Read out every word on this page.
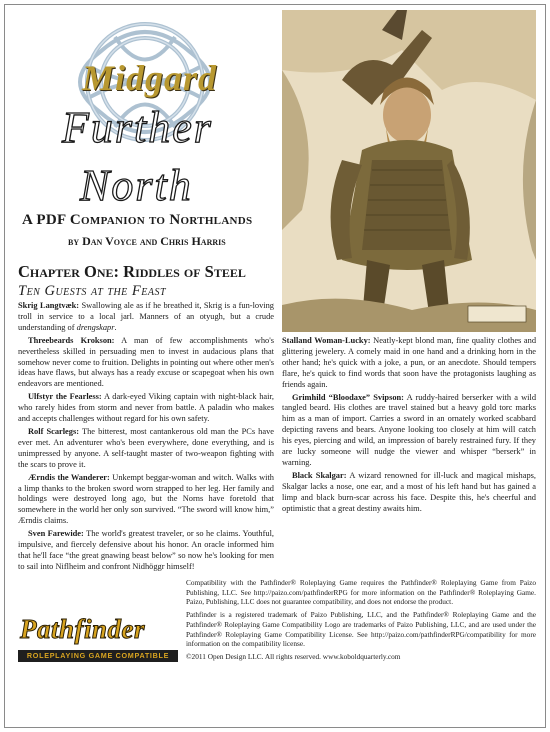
Midgard
Further
North
A PDF Companion to Northlands
by Dan Voyce and Chris Harris
Chapter One: Riddles of Steel
Ten Guests at the Feast

Skrig Langtvæk: Swallowing ale as if he breathed it, Skrig is a fun-loving troll in service to a local jarl. Manners of an otyugh, but a crude understanding of drengskapr.

Threebeards Krokson: A man of few accomplishments who's nevertheless skilled in persuading men to invest in audacious plans that somehow never come to fruition. Delights in pointing out where other men's ideas have flaws, but always has a ready excuse or scapegoat when his own endeavors are mentioned.

Ulfstyr the Fearless: A dark-eyed Viking captain with night-black hair, who rarely hides from storm and never from battle. A paladin who makes and accepts challenges without regard for his own safety.

Rolf Scarlegs: The bitterest, most cantankerous old man the PCs have ever met. An adventurer who's been everywhere, done everything, and is unimpressed by anyone. A self-taught master of two-weapon fighting with the scars to prove it.

Ærndis the Wanderer: Unkempt beggar-woman and witch. Walks with a limp thanks to the broken sword worn strapped to her leg. Her family and holdings were destroyed long ago, but the Norns have foretold that somewhere in the world her only son survived. “The sword will know him,” Ærndis claims.

Sven Farewide: The world's greatest traveler, or so he claims. Youthful, impulsive, and fiercely defensive about his honor. An oracle informed him that he'll face “the great gnawing beast below” so now he's looking for men to sail into Niflheim and confront Nidhöggr himself!

Stalland Woman-Lucky: Neatly-kept blond man, fine quality clothes and glittering jewelery. A comely maid in one hand and a drinking horn in the other hand; he's quick with a joke, a pun, or an anecdote. Should tempers flare, he's quick to find words that soon have the protagonists laughing as friends again.

Grimhild “Bloodaxe” Svipson: A ruddy-haired berserker with a wild tangled beard. His clothes are travel stained but a heavy gold torc marks him as a man of import. Carries a sword in an ornately worked scabbard depicting ravens and bears. Anyone looking too closely at him will catch his eyes, piercing and wild, an impression of barely restrained fury. If they are lucky someone will nudge the viewer and whisper “berserk” in warning.

Black Skalgar: A wizard renowned for ill-luck and magical mishaps, Skalgar lacks a nose, one ear, and a most of his left hand but has gained a limp and black burn-scar across his face. Despite this, he's cheerful and optimistic that a great destiny awaits him.

Pathfinder
ROLEPLAYING GAME COMPATIBLE

Compatibility with the Pathfinder® Roleplaying Game requires the Pathfinder® Roleplaying Game from Paizo Publishing, LLC. See http://paizo.com/pathfinderRPG for more information on the Pathfinder® Roleplaying Game. Paizo, Publishing, LLC does not guarantee compatibility, and does not endorse the product.

Pathfinder is a registered trademark of Paizo Publishing, LLC, and the Pathfinder® Roleplaying Game and the Pathfinder® Roleplaying Game Compatibility Logo are trademarks of Paizo Publishing, LLC, and are used under the Pathfinder® Roleplaying Game Compatibility License. See http://paizo.com/pathfinderRPG/compatibility for more information on the compatibility license.

©2011 Open Design LLC. All rights reserved. www.koboldquarterly.com
